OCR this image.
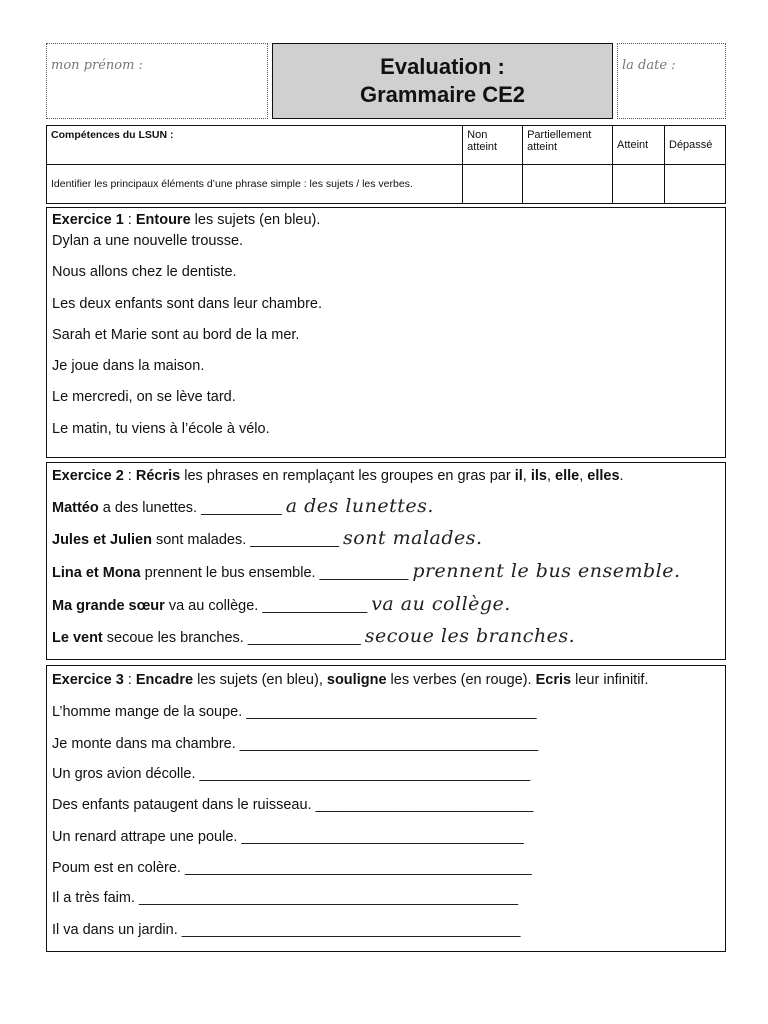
mon prénom :	Evaluation :
Grammaire CE2
la date :
Compétences du LSUN :	Non atteint	Partiellement atteint	Atteint	Dépassé
Identifier les principaux éléments d’une phrase simple : les sujets / les verbes.				
Exercice 1 : Entoure les sujets (en bleu).
Dylan a une nouvelle trousse.
Nous allons chez le dentiste.
Les deux enfants sont dans leur chambre.
Sarah et Marie sont au bord de la mer.
Je joue dans la maison.
Le mercredi, on se lève tard.
Le matin, tu viens à l’école à vélo.
Exercice 2 : Récris les phrases en remplaçant les groupes en gras par il, ils, elle, elles.
Mattéo a des lunettes. __________ a des lunettes.
Jules et Julien sont malades. ___________ sont malades.
Lina et Mona prennent le bus ensemble. ___________ prennent le bus ensemble.
Ma grande sœur va au collège. _____________ va au collège.
Le vent secoue les branches. ______________ secoue les branches.
Exercice 3 : Encadre les sujets (en bleu), souligne les verbes (en rouge). Ecris leur infinitif.
L’homme mange de la soupe. ____________________________________
Je monte dans ma chambre. _____________________________________
Un gros avion décolle. _________________________________________
Des enfants pataugent dans le ruisseau. ___________________________
Un renard attrape une poule. ___________________________________
Poum est en colère. ___________________________________________
Il a très faim. _______________________________________________
Il va dans un jardin. __________________________________________
